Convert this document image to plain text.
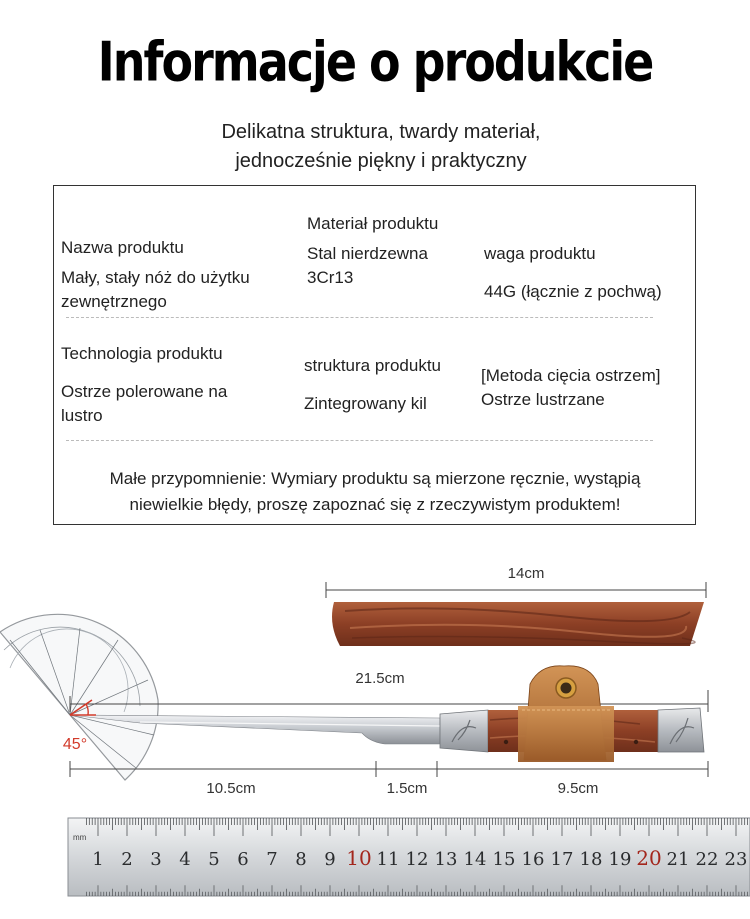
Informacje o produkcie
Delikatna struktura, twardy materiał,
jednocześnie piękny i praktyczny
Nazwa produktu
Mały, stały nóż do użytku zewnętrznego
Materiał produktu
Stal nierdzewna 3Cr13
waga produktu
44G (łącznie z pochwą)
Technologia produktu
Ostrze polerowane na lustro
struktura produktu
Zintegrowany kil
[Metoda cięcia ostrzem]
Ostrze lustrzane
Małe przypomnienie: Wymiary produktu są mierzone ręcznie, wystąpią
niewielkie błędy, proszę zapoznać się z rzeczywistym produktem!
1 2 3 4 5 6 7 8 9 10 11 12 13 14 15 16 17 18 19 20 21 22 23
14cm
21.5cm
10.5cm	1.5cm	9.5cm
45°
mm
